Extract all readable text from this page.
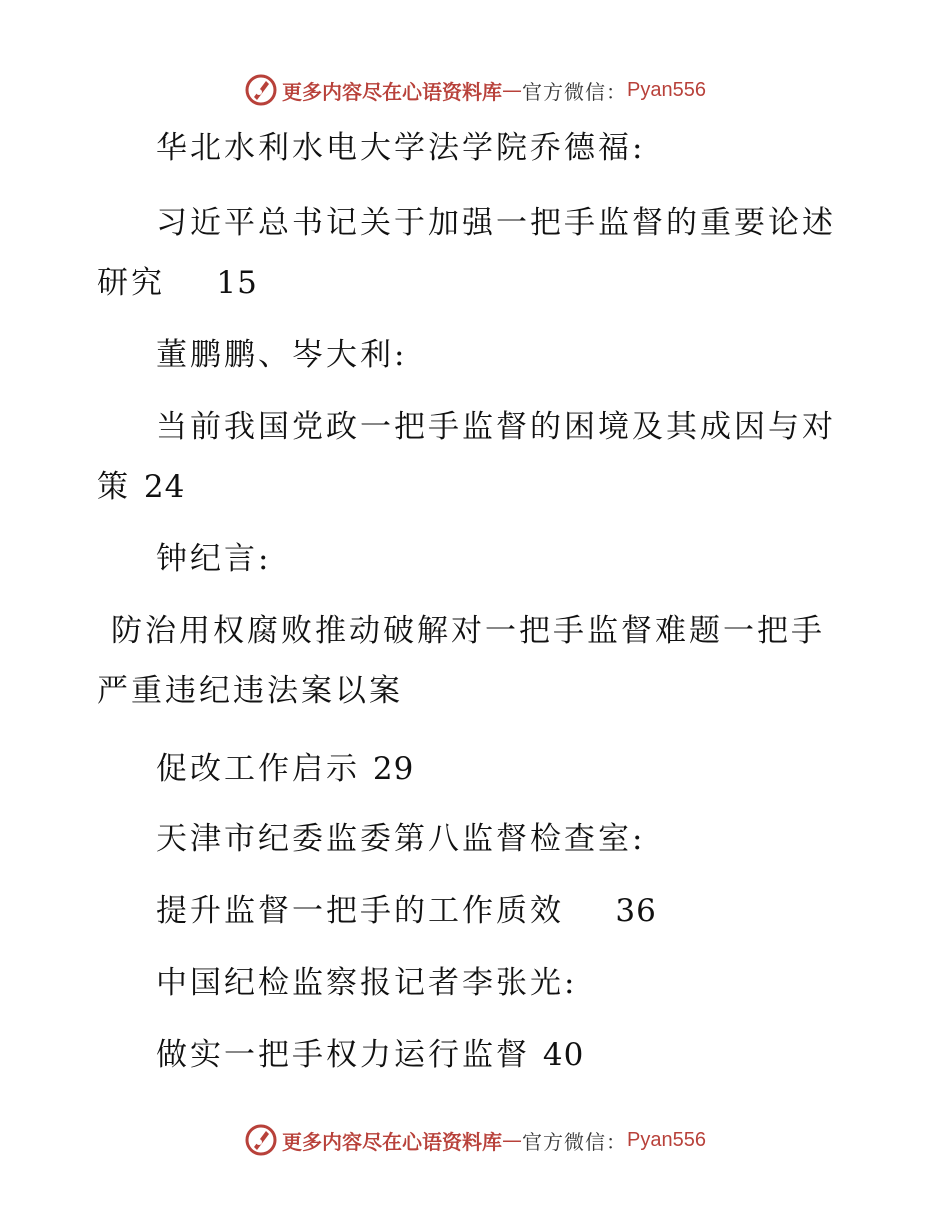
更多内容尽在心语资料库 — 官方微信： Pyan556

华北水利水电大学法学院乔德福:

习近平总书记关于加强一把手监督的重要论述

研究 15

董鹏鹏、岑大利:

当前我国党政一把手监督的困境及其成因与对

策 24

钟纪言:

防治用权腐败推动破解对一把手监督难题一把手

严重违纪违法案以案

促改工作启示 29

天津市纪委监委第八监督检查室:

提升监督一把手的工作质效 36

中国纪检监察报记者李张光:

做实一把手权力运行监督 40

更多内容尽在心语资料库 — 官方微信： Pyan556
